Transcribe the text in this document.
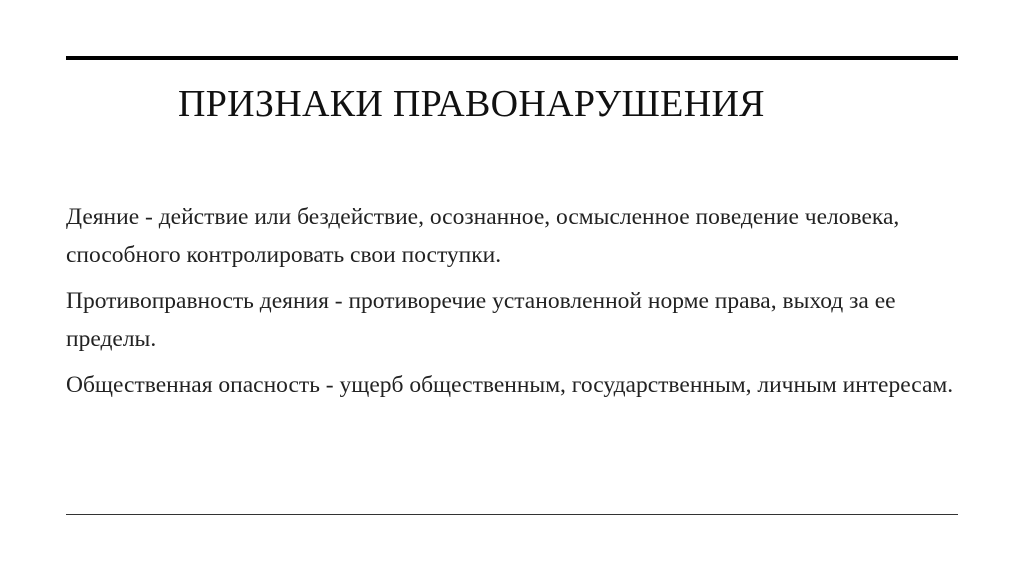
ПРИЗНАКИ ПРАВОНАРУШЕНИЯ

Деяние - действие или бездействие, осознанное, осмысленное поведение человека, способного контролировать свои поступки.

Противоправность деяния - противоречие установленной норме права, выход за ее пределы.

Общественная опасность - ущерб общественным, государственным, личным интересам.
